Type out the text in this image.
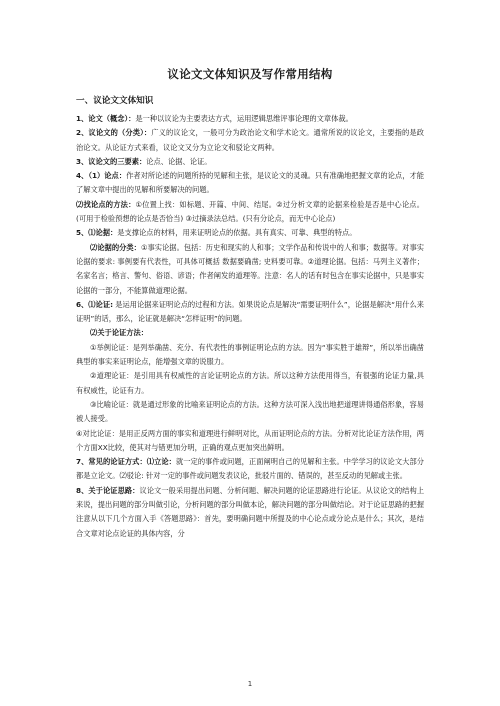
议论文文体知识及写作常用结构
一、议论文文体知识

1、论文（概念）：是一种以议论为主要表达方式，运用逻辑思维评事论理的文章体裁。

2、议论文的（分类）：广义的议论文，一般可分为政治论文和学术论文。通常所说的议论文，主要指的是政治论文。从论证方式来看，议论文又分为立论文和驳论文两种。

3、议论文的三要素：论点、论据、论证。

4、（1）论点：作者对所论述的问题所持的见解和主张，是议论文的灵魂。只有准确地把握文章的论点，才能了解文章中提出的见解和所要解决的问题。

⑵找论点的方法：①位置上找：如标题、开篇、中间、结尾。②过分析文章的论据来检验是否是中心论点。(可用于检验预想的论点是否恰当) ③过摘录法总结。(只有分论点，而无中心论点)

5、⑴论据：是支撑论点的材料，用来证明论点的依据。具有真实、可靠、典型的特点。

⑵论据的分类：①事实论据。包括：历史和现实的人和事；文学作品和传说中的人和事；数据等。对事实论据的要求: 事例要有代表性，可具体可概括 数据要确凿; 史料要可靠。②道理论据。包括：马列主义著作；名家名言；格言、警句、俗语、谚语；作者阐发的道理等。注意：名人的话有时包含在事实论据中，只是事实论据的一部分，不能算做道理论据。

6、⑴论证: 是运用论据来证明论点的过程和方法。如果说论点是解决“需要证明什么”，论据是解决“用什么来证明”的话，那么，论证就是解决“怎样证明”的问题。

⑵关于论证方法：

①举例论证：是列举确凿、充分、有代表性的事例证明论点的方法。因为“事实胜于雄辩”，所以举出确凿典型的事实来证明论点，能增强文章的说服力。

②道理论证：是引用具有权威性的言论证明论点的方法。所以这种方法使用得当，有很强的论证力量,具有权威性，论证有力。

③比喻论证：就是通过形象的比喻来证明论点的方法。这种方法可深入浅出地把道理讲得通俗形象，容易被人接受。

④对比论证：是用正反两方面的事实和道理进行鲜明对比，从而证明论点的方法。分析对比论证方法作用，两个方面XX比较，使其对与错更加分明，正确的观点更加突出鲜明。

7、常见的论证方式：⑴立论：就一定的事件或问题，正面阐明自己的见解和主张。中学学习的议论文大部分都是立论文。⑵驳论: 针对一定的事件或问题发表议论，批驳片面的、错误的，甚至反动的见解或主张。

8、关于论证思路：议论文一般采用提出问题、分析问题、解决问题的论证思路进行论证。从议论文的结构上来说，提出问题的部分叫做引论，分析问题的部分叫做本论，解决问题的部分叫做结论。对于论证思路的把握注意从以下几个方面入手《答题思路》：首先，要明确问题中所提及的中心论点或分论点是什么；其次，是结合文章对论点论证的具体内容，分

1
